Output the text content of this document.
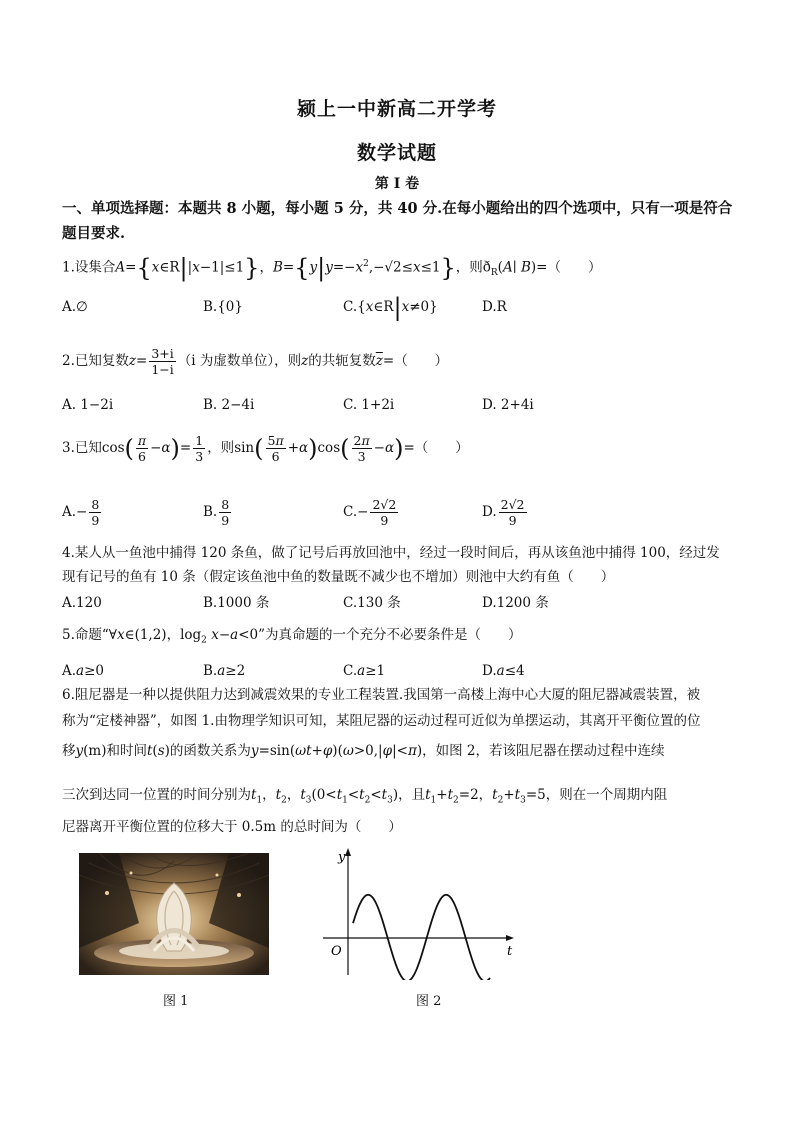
颍上一中新高二开学考
数学试题
第 I 卷
一、单项选择题：本题共 8 小题，每小题 5 分，共 40 分.在每小题给出的四个选项中，只有一项是符合题目要求.
1.设集合A={x∈R||x−1|≤1}，$B=\{y|y=-x^2,-√2\le x\le 1\}$，则$ð_R(A∣$ B)=（　　）
A.∅	B.{0}	C.{x∈R|x≠0}	D.R
2.已知复数$z= \frac{3+i}{1-i} (i$ 为虚数单位），则z的共轭复数$\overline{z}=$（　　）
A. 1−2i	B. 2−4i	C. 1+2i	D. 2+4i
3.已知$\cos( \frac{\pi}{6} -\alpha)= \frac{1}{3}$ ，则$\sin( \frac{5\pi}{6} +\alpha)\cos( \frac{2\pi}{3} -\alpha)=$（　　）
$A.- \frac{8}{9}$	B. $\frac{8}{9}$	$C.- \frac{2√2}{9}$	D. $\frac{2√2}{9}$
4.某人从一鱼池中捕得 120 条鱼，做了记号后再放回池中，经过一段时间后，再从该鱼池中捕得 100，经过发
现有记号的鱼有 10 条（假定该鱼池中鱼的数量既不减少也不增加）则池中大约有鱼（　　）
A.120	B.1000 条	C.130 条	D.1200 条
5.命题“∀x∈(1,2)，$\log_2 x-a<0$”为真命题的一个充分不必要条件是（　　）
A.a≥0	B.a≥2	C.a≥1	D.a≤4
6.阻尼器是一种以提供阻力达到减震效果的专业工程装置.我国第一高楼上海中心大厦的阻尼器减震装置，被
称为“定楼神器”，如图 1.由物理学知识可知，某阻尼器的运动过程可近似为单摆运动，其离开平衡位置的位
移y(m)和时间t(s)的函数关系为y=sin(ωt+φ)(ω>0,|φ|<π)，如图 2，若该阻尼器在摆动过程中连续
三次到达同一位置的时间分别为$t_1$，$t_2$，$t_3(0<t_1<t_2<t_3)$，且$t_1+t_2=2$，$t_2+t_3=5$，则在一个周期内阻
尼器离开平衡位置的位移大于 0.5m 的总时间为（　　）
图 1
y
t
O
图 2
